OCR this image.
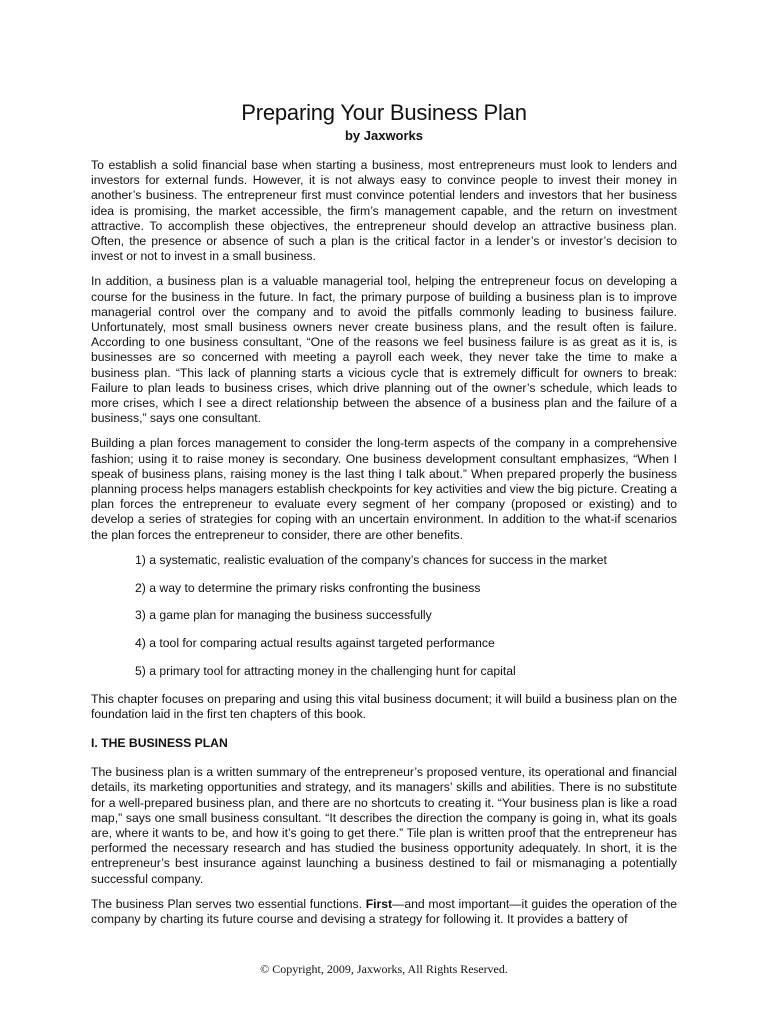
Preparing Your Business Plan
by Jaxworks

To establish a solid financial base when starting a business, most entrepreneurs must look to lenders and investors for external funds. However, it is not always easy to convince people to invest their money in another’s business. The entrepreneur first must convince potential lenders and investors that her business idea is promising, the market accessible, the firm’s management capable, and the return on investment attractive. To accomplish these objectives, the entrepreneur should develop an attractive business plan. Often, the presence or absence of such a plan is the critical factor in a lender’s or investor’s decision to invest or not to invest in a small business.

In addition, a business plan is a valuable managerial tool, helping the entrepreneur focus on developing a course for the business in the future. In fact, the primary purpose of building a business plan is to improve managerial control over the company and to avoid the pitfalls commonly leading to business failure. Unfortunately, most small business owners never create business plans, and the result often is failure. According to one business consultant, “One of the reasons we feel business failure is as great as it is, is businesses are so concerned with meeting a payroll each week, they never take the time to make a business plan. “This lack of planning starts a vicious cycle that is extremely difficult for owners to break: Failure to plan leads to business crises, which drive planning out of the owner’s schedule, which leads to more crises, which I see a direct relationship between the absence of a business plan and the failure of a business,” says one consultant.

Building a plan forces management to consider the long-term aspects of the company in a comprehensive fashion; using it to raise money is secondary. One business development consultant emphasizes, “When I speak of business plans, raising money is the last thing I talk about.” When prepared properly the business planning process helps managers establish checkpoints for key activities and view the big picture. Creating a plan forces the entrepreneur to evaluate every segment of her company (proposed or existing) and to develop a series of strategies for coping with an uncertain environment. In addition to the what-if scenarios the plan forces the entrepreneur to consider, there are other benefits.

1) a systematic, realistic evaluation of the company’s chances for success in the market
2) a way to determine the primary risks confronting the business
3) a game plan for managing the business successfully
4) a tool for comparing actual results against targeted performance
5) a primary tool for attracting money in the challenging hunt for capital

This chapter focuses on preparing and using this vital business document; it will build a business plan on the foundation laid in the first ten chapters of this book.

I. THE BUSINESS PLAN

The business plan is a written summary of the entrepreneur’s proposed venture, its operational and financial details, its marketing opportunities and strategy, and its managers’ skills and abilities. There is no substitute for a well-prepared business plan, and there are no shortcuts to creating it. “Your business plan is like a road map,” says one small business consultant. “It describes the direction the company is going in, what its goals are, where it wants to be, and how it’s going to get there.” Tile plan is written proof that the entrepreneur has performed the necessary research and has studied the business opportunity adequately. In short, it is the entrepreneur’s best insurance against launching a business destined to fail or mismanaging a potentially successful company.

The business Plan serves two essential functions. First—and most important—it guides the operation of the company by charting its future course and devising a strategy for following it. It provides a battery of

© Copyright, 2009, Jaxworks, All Rights Reserved.
